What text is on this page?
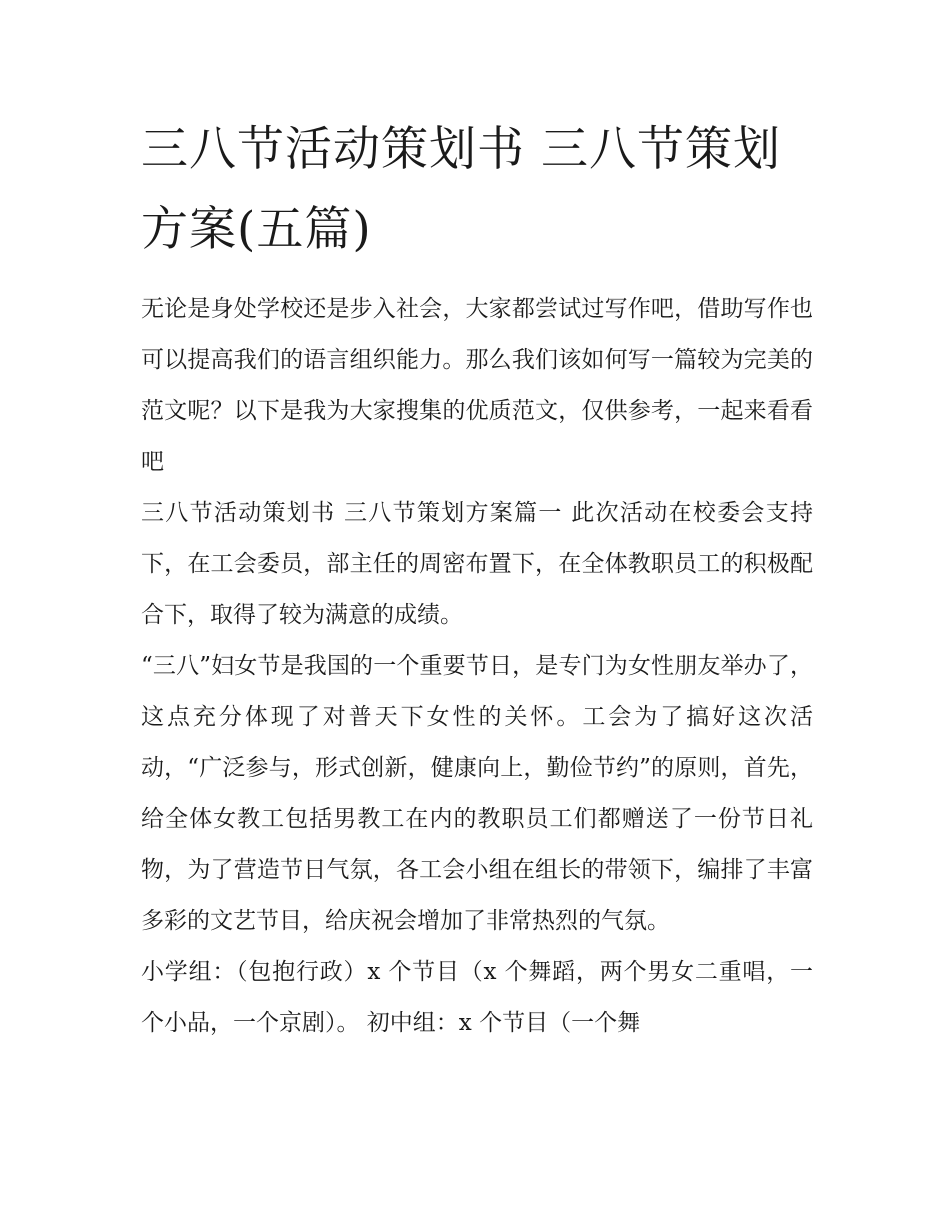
三八节活动策划书 三八节策划方案(五篇)

无论是身处学校还是步入社会，大家都尝试过写作吧，借助写作也可以提高我们的语言组织能力。那么我们该如何写一篇较为完美的范文呢？以下是我为大家搜集的优质范文，仅供参考，一起来看看吧

三八节活动策划书 三八节策划方案篇一 此次活动在校委会支持下，在工会委员，部主任的周密布置下，在全体教职员工的积极配合下，取得了较为满意的成绩。

“三八”妇女节是我国的一个重要节日，是专门为女性朋友举办了，这点充分体现了对普天下女性的关怀。工会为了搞好这次活动，“广泛参与，形式创新，健康向上，勤俭节约”的原则，首先，给全体女教工包括男教工在内的教职员工们都赠送了一份节日礼物，为了营造节日气氛，各工会小组在组长的带领下，编排了丰富多彩的文艺节目，给庆祝会增加了非常热烈的气氛。

小学组：（包抱行政）x 个节目（x 个舞蹈，两个男女二重唱，一个小品，一个京剧）。 初中组：x 个节目（一个舞
